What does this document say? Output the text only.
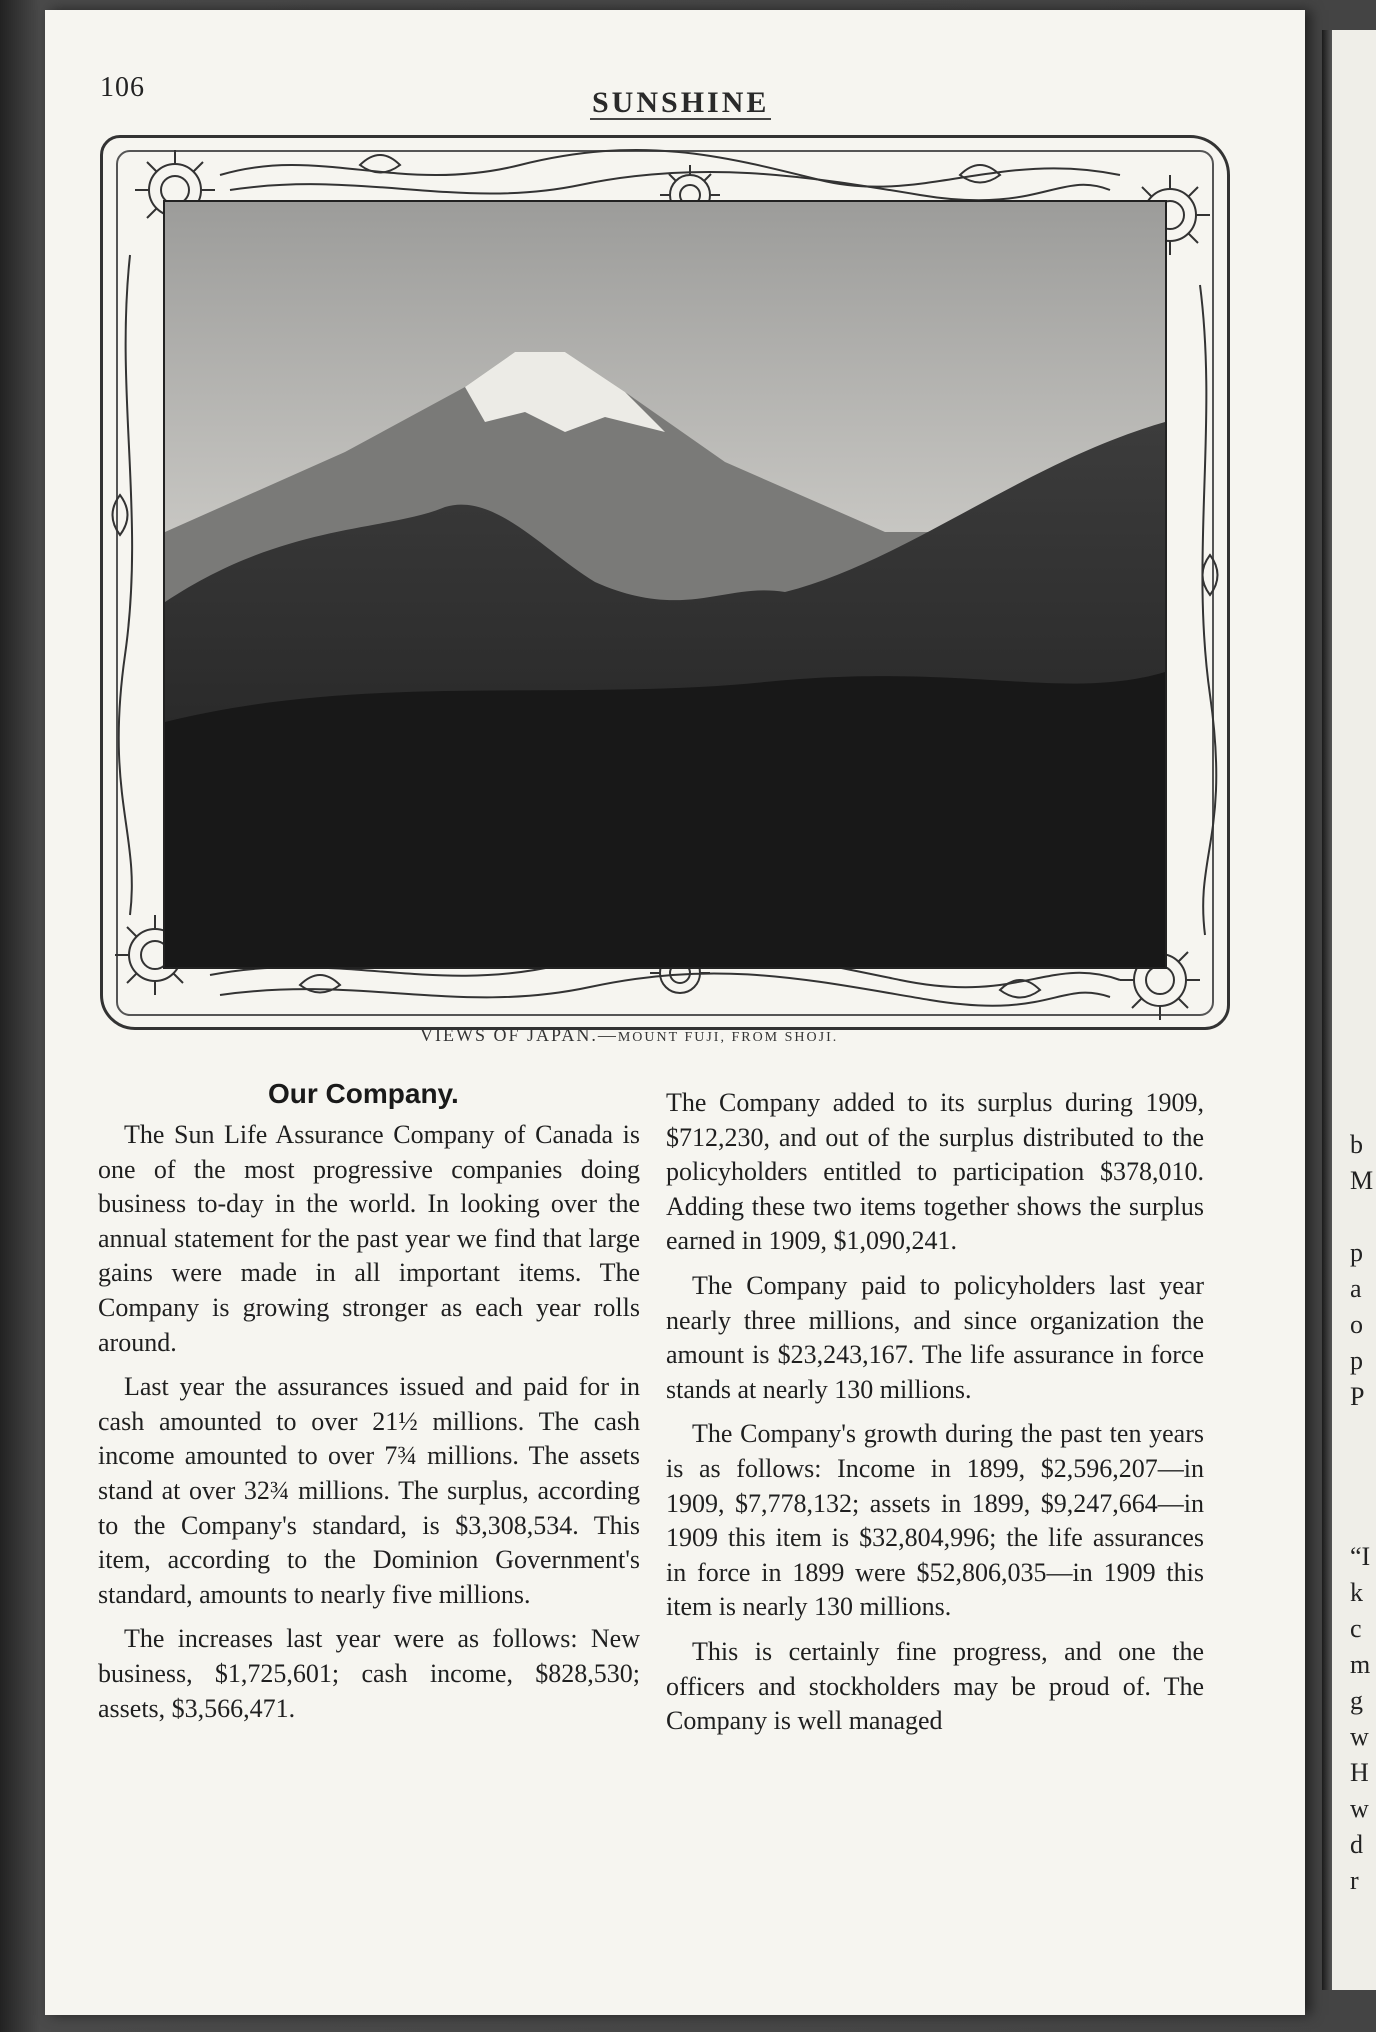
b
M
p
a
o
p
P
“I
k
c
m
g
w
H
w
d
r
106	SUNSHINE
VIEWS OF JAPAN.—MOUNT FUJI, FROM SHOJI.
Our Company.

The Sun Life Assurance Company of Canada is one of the most progressive companies doing business to-day in the world. In looking over the annual statement for the past year we find that large gains were made in all important items. The Company is growing stronger as each year rolls around.

Last year the assurances issued and paid for in cash amounted to over 21½ millions. The cash income amounted to over 7¾ millions. The assets stand at over 32¾ millions. The surplus, according to the Company's standard, is $3,308,534. This item, according to the Dominion Government's standard, amounts to nearly five millions.

The increases last year were as follows: New business, $1,725,601; cash income, $828,530; assets, $3,566,471.

The Company added to its surplus during 1909, $712,230, and out of the surplus distributed to the policyholders entitled to participation $378,010. Adding these two items together shows the surplus earned in 1909, $1,090,241.

The Company paid to policyholders last year nearly three millions, and since organization the amount is $23,243,167. The life assurance in force stands at nearly 130 millions.

The Company's growth during the past ten years is as follows: Income in 1899, $2,596,207—in 1909, $7,778,132; assets in 1899, $9,247,664—in 1909 this item is $32,804,996; the life assurances in force in 1899 were $52,806,035—in 1909 this item is nearly 130 millions.

This is certainly fine progress, and one the officers and stockholders may be proud of. The Company is well managed
